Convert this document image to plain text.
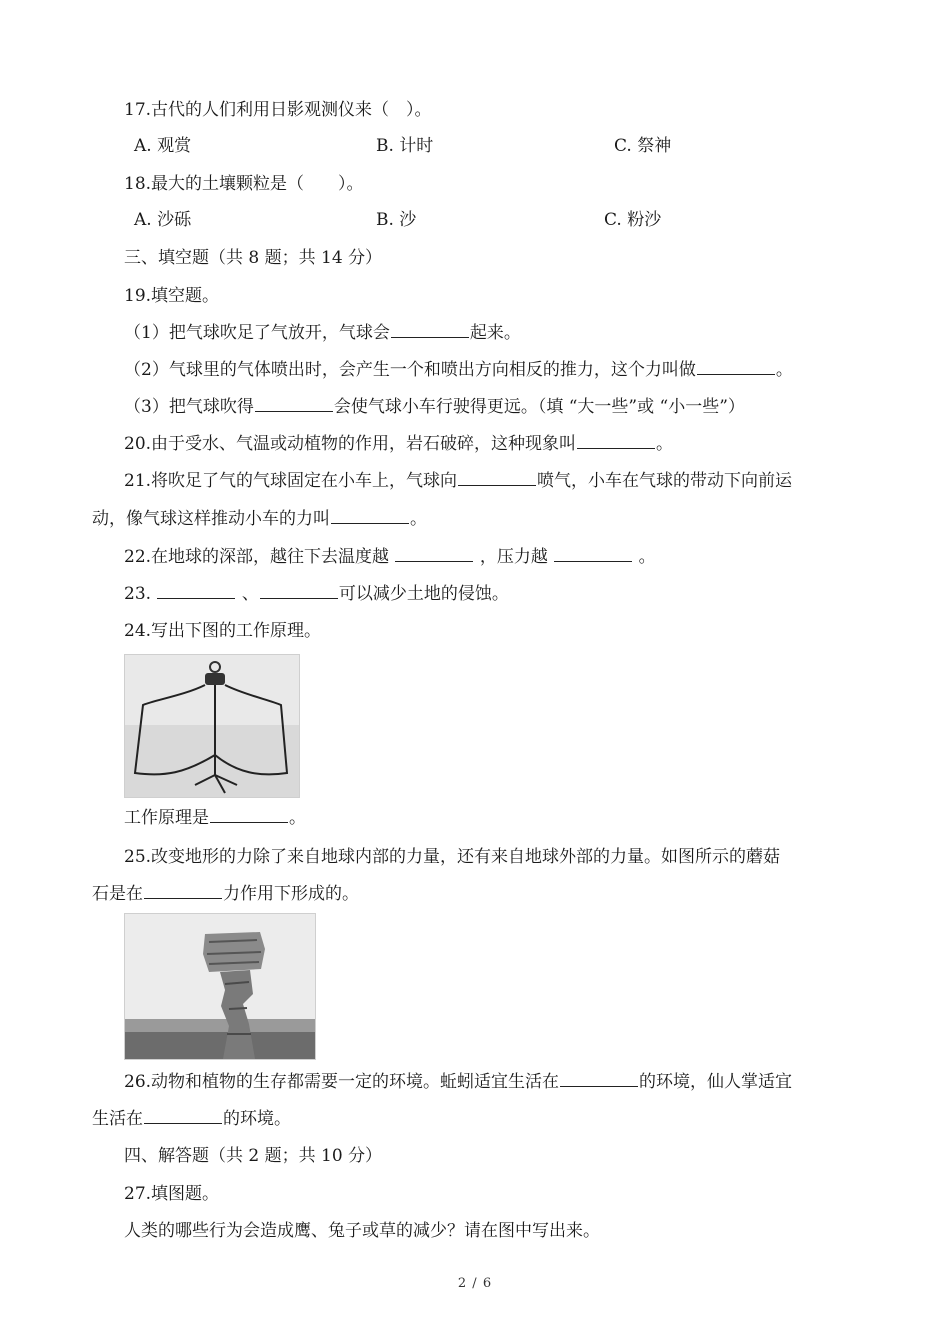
17.古代的人们利用日影观测仪来（　）。
A. 观赏	B. 计时	C. 祭神
18.最大的土壤颗粒是（　　）。
A. 沙砾	B. 沙	C. 粉沙
三、填空题（共 8 题；共 14 分）
19.填空题。
（1）把气球吹足了气放开，气球会	起来。
（2）气球里的气体喷出时，会产生一个和喷出方向相反的推力，这个力叫做	。
（3）把气球吹得	会使气球小车行驶得更远。（填 “大一些”或 “小一些”）
20.由于受水、气温或动植物的作用，岩石破碎，这种现象叫	。
21.将吹足了气的气球固定在小车上，气球向	喷气，小车在气球的带动下向前运
动，像气球这样推动小车的力叫	。
22.在地球的深部，越往下去温度越	，压力越	。
23.	、	可以减少土地的侵蚀。
24.写出下图的工作原理。
工作原理是	。
25.改变地形的力除了来自地球内部的力量，还有来自地球外部的力量。如图所示的蘑菇
石是在	力作用下形成的。
26.动物和植物的生存都需要一定的环境。蚯蚓适宜生活在	的环境，仙人掌适宜
生活在	的环境。
四、解答题（共 2 题；共 10 分）
27.填图题。
人类的哪些行为会造成鹰、兔子或草的减少？请在图中写出来。
2 / 6
